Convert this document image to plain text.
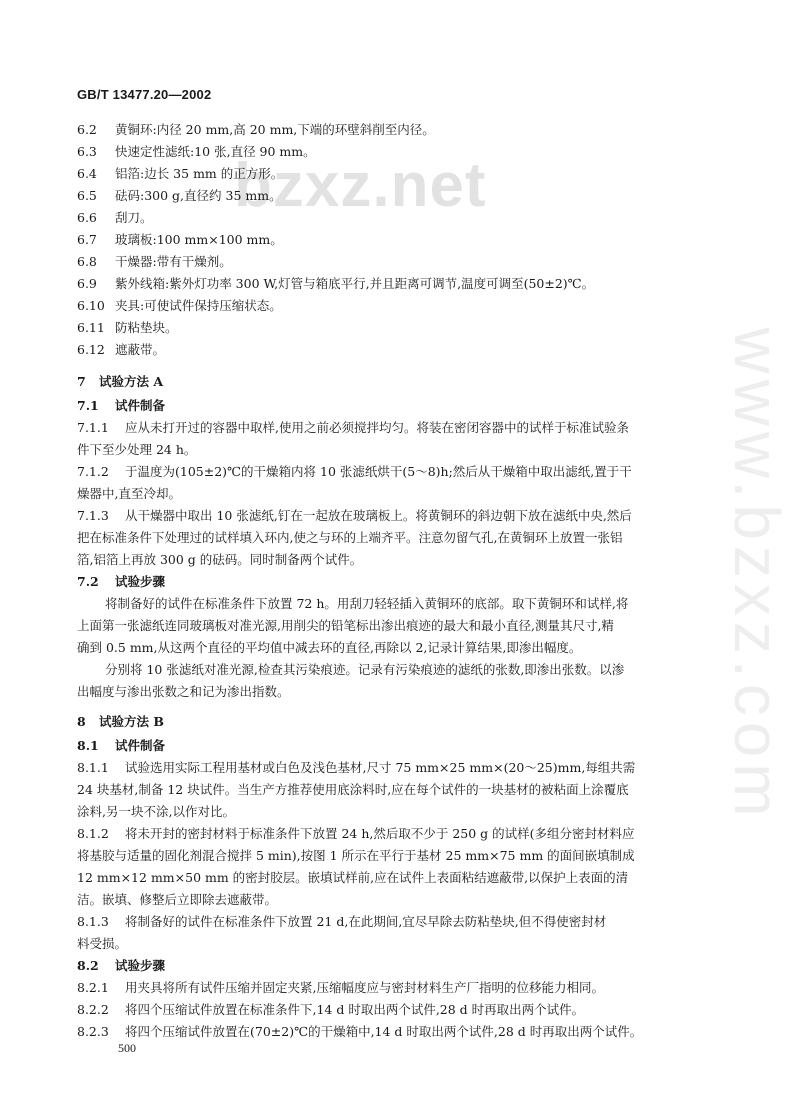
bzxz.net
www.bzxz.com
GB/T 13477.20—2002
6.2 黄铜环:内径 20 mm,高 20 mm,下端的环壁斜削至内径。
6.3 快速定性滤纸:10 张,直径 90 mm。
6.4 铝箔:边长 35 mm 的正方形。
6.5 砝码:300 g,直径约 35 mm。
6.6 刮刀。
6.7 玻璃板:100 mm×100 mm。
6.8 干燥器:带有干燥剂。
6.9 紫外线箱:紫外灯功率 300 W,灯管与箱底平行,并且距离可调节,温度可调至(50±2)℃。
6.10 夹具:可使试件保持压缩状态。
6.11 防粘垫块。
6.12 遮蔽带。
7 试验方法 A
7.1 试件制备
7.1.1 应从未打开过的容器中取样,使用之前必须搅拌均匀。将装在密闭容器中的试样于标准试验条
件下至少处理 24 h。
7.1.2 于温度为(105±2)℃的干燥箱内将 10 张滤纸烘干(5～8)h;然后从干燥箱中取出滤纸,置于干
燥器中,直至冷却。
7.1.3 从干燥器中取出 10 张滤纸,钉在一起放在玻璃板上。将黄铜环的斜边朝下放在滤纸中央,然后
把在标准条件下处理过的试样填入环内,使之与环的上端齐平。注意勿留气孔,在黄铜环上放置一张铝
箔,铝箔上再放 300 g 的砝码。同时制备两个试件。
7.2 试验步骤
将制备好的试件在标准条件下放置 72 h。用刮刀轻轻插入黄铜环的底部。取下黄铜环和试样,将
上面第一张滤纸连同玻璃板对准光源,用削尖的铅笔标出渗出痕迹的最大和最小直径,测量其尺寸,精
确到 0.5 mm,从这两个直径的平均值中减去环的直径,再除以 2,记录计算结果,即渗出幅度。
分别将 10 张滤纸对准光源,检查其污染痕迹。记录有污染痕迹的滤纸的张数,即渗出张数。以渗
出幅度与渗出张数之和记为渗出指数。
8 试验方法 B
8.1 试件制备
8.1.1 试验选用实际工程用基材或白色及浅色基材,尺寸 75 mm×25 mm×(20～25)mm,每组共需
24 块基材,制备 12 块试件。当生产方推荐使用底涂料时,应在每个试件的一块基材的被粘面上涂覆底
涂料,另一块不涂,以作对比。
8.1.2 将未开封的密封材料于标准条件下放置 24 h,然后取不少于 250 g 的试样(多组分密封材料应
将基胶与适量的固化剂混合搅拌 5 min),按图 1 所示在平行于基材 25 mm×75 mm 的面间嵌填制成
12 mm×12 mm×50 mm 的密封胶层。嵌填试样前,应在试件上表面粘结遮蔽带,以保护上表面的清
洁。嵌填、修整后立即除去遮蔽带。
8.1.3 将制备好的试件在标准条件下放置 21 d,在此期间,宜尽早除去防粘垫块,但不得使密封材
料受损。
8.2 试验步骤
8.2.1 用夹具将所有试件压缩并固定夹紧,压缩幅度应与密封材料生产厂指明的位移能力相同。
8.2.2 将四个压缩试件放置在标准条件下,14 d 时取出两个试件,28 d 时再取出两个试件。
8.2.3 将四个压缩试件放置在(70±2)℃的干燥箱中,14 d 时取出两个试件,28 d 时再取出两个试件。
500
